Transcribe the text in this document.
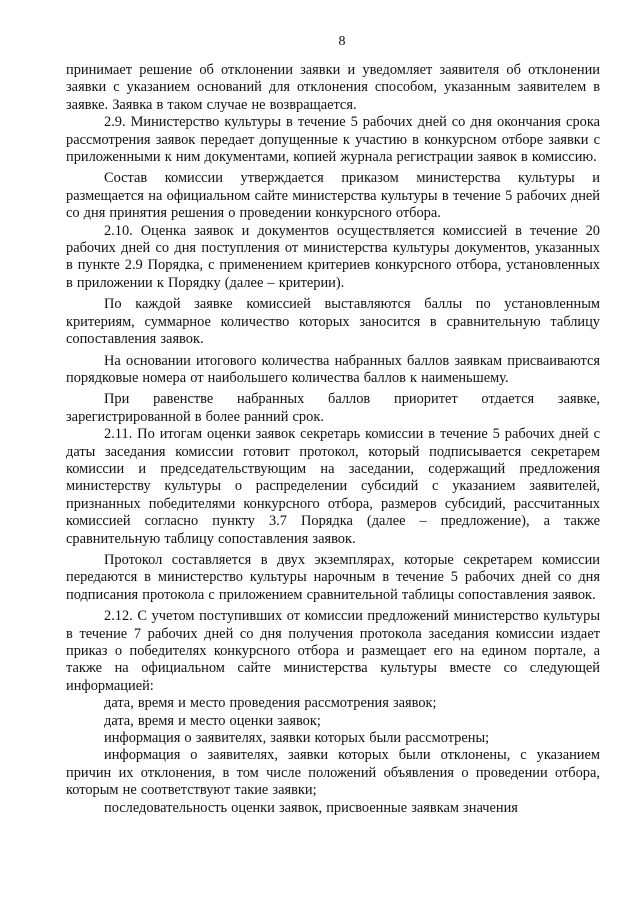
8

принимает решение об отклонении заявки и уведомляет заявителя об отклонении заявки с указанием оснований для отклонения способом, указанным заявителем в заявке. Заявка в таком случае не возвращается.

2.9. Министерство культуры в течение 5 рабочих дней со дня окончания срока рассмотрения заявок передает допущенные к участию в конкурсном отборе заявки с приложенными к ним документами, копией журнала регистрации заявок в комиссию.

Состав комиссии утверждается приказом министерства культуры и размещается на официальном сайте министерства культуры в течение 5 рабочих дней со дня принятия решения о проведении конкурсного отбора.

2.10. Оценка заявок и документов осуществляется комиссией в течение 20 рабочих дней со дня поступления от министерства культуры документов, указанных в пункте 2.9 Порядка, с применением критериев конкурсного отбора, установленных в приложении к Порядку (далее – критерии).

По каждой заявке комиссией выставляются баллы по установленным критериям, суммарное количество которых заносится в сравнительную таблицу сопоставления заявок.

На основании итогового количества набранных баллов заявкам присваиваются порядковые номера от наибольшего количества баллов к наименьшему.

При равенстве набранных баллов приоритет отдается заявке, зарегистрированной в более ранний срок.

2.11. По итогам оценки заявок секретарь комиссии в течение 5 рабочих дней с даты заседания комиссии готовит протокол, который подписывается секретарем комиссии и председательствующим на заседании, содержащий предложения министерству культуры о распределении субсидий с указанием заявителей, признанных победителями конкурсного отбора, размеров субсидий, рассчитанных комиссией согласно пункту 3.7 Порядка (далее – предложение), а также сравнительную таблицу сопоставления заявок.

Протокол составляется в двух экземплярах, которые секретарем комиссии передаются в министерство культуры нарочным в течение 5 рабочих дней со дня подписания протокола с приложением сравнительной таблицы сопоставления заявок.

2.12. С учетом поступивших от комиссии предложений министерство культуры в течение 7 рабочих дней со дня получения протокола заседания комиссии издает приказ о победителях конкурсного отбора и размещает его на едином портале, а также на официальном сайте министерства культуры вместе со следующей информацией:

дата, время и место проведения рассмотрения заявок;

дата, время и место оценки заявок;

информация о заявителях, заявки которых были рассмотрены;

информация о заявителях, заявки которых были отклонены, с указанием причин их отклонения, в том числе положений объявления о проведении отбора, которым не соответствуют такие заявки;

последовательность оценки заявок, присвоенные заявкам значения
